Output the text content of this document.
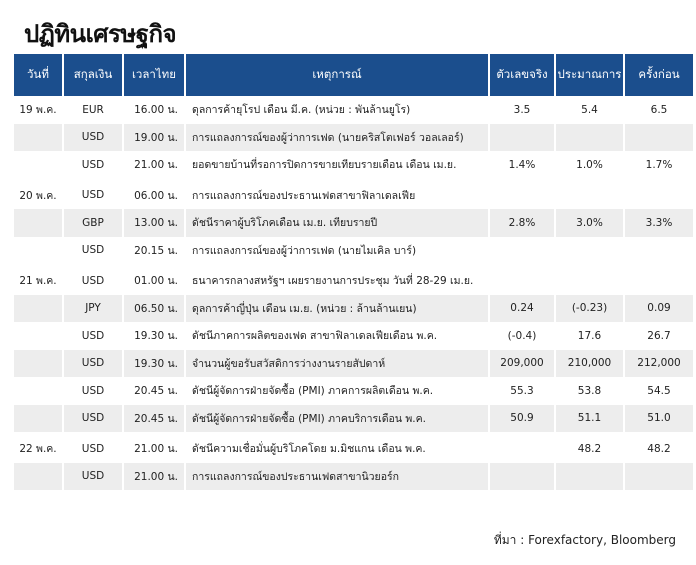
ปฏิทินเศรษฐกิจ
วันที่	สกุลเงิน	เวลาไทย	เหตุการณ์	ตัวเลขจริง	ประมาณการ	ครั้งก่อน
19 พ.ค.	EUR	16.00 น.	ดุลการค้ายุโรป เดือน มี.ค. (หน่วย : พันล้านยูโร)	3.5	5.4	6.5
	USD	19.00 น.	การแถลงการณ์ของผู้ว่าการเฟด (นายคริสโตเฟอร์ วอลเลอร์)			
	USD	21.00 น.	ยอดขายบ้านที่รอการปิดการขายเทียบรายเดือน เดือน เม.ย.	1.4%	1.0%	1.7%
20 พ.ค.	USD	06.00 น.	การแถลงการณ์ของประธานเฟดสาขาฟิลาเดลเฟีย			
	GBP	13.00 น.	ดัชนีราคาผู้บริโภคเดือน เม.ย. เทียบรายปี	2.8%	3.0%	3.3%
	USD	20.15 น.	การแถลงการณ์ของผู้ว่าการเฟด (นายไมเคิล บาร์)			
21 พ.ค.	USD	01.00 น.	ธนาคารกลางสหรัฐฯ เผยรายงานการประชุม วันที่ 28-29 เม.ย.			
	JPY	06.50 น.	ดุลการค้าญี่ปุ่น เดือน เม.ย. (หน่วย : ล้านล้านเยน)	0.24	(-0.23)	0.09
	USD	19.30 น.	ดัชนีภาคการผลิตของเฟด สาขาฟิลาเดลเฟียเดือน พ.ค.	(-0.4)	17.6	26.7
	USD	19.30 น.	จำนวนผู้ขอรับสวัสดิการว่างงานรายสัปดาห์	209,000	210,000	212,000
	USD	20.45 น.	ดัชนีผู้จัดการฝ่ายจัดซื้อ (PMI) ภาคการผลิตเดือน พ.ค.	55.3	53.8	54.5
	USD	20.45 น.	ดัชนีผู้จัดการฝ่ายจัดซื้อ (PMI) ภาคบริการเดือน พ.ค.	50.9	51.1	51.0
22 พ.ค.	USD	21.00 น.	ดัชนีความเชื่อมั่นผู้บริโภคโดย ม.มิชแกน เดือน พ.ค.		48.2	48.2
	USD	21.00 น.	การแถลงการณ์ของประธานเฟดสาขานิวยอร์ก			
ที่มา : Forexfactory, Bloomberg
